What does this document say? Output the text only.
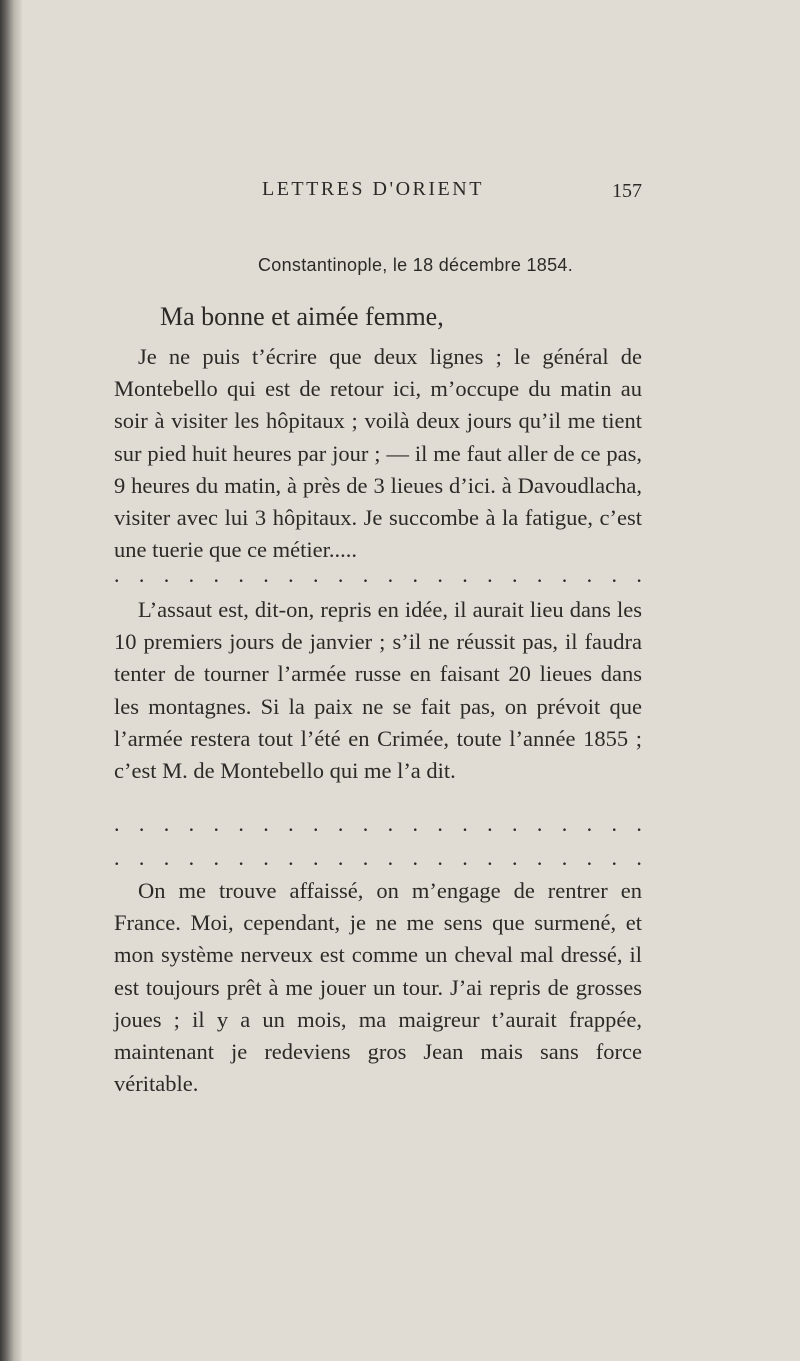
LETTRES D'ORIENT	157
Constantinople, le 18 décembre 1854.
Ma bonne et aimée femme,

Je ne puis t’écrire que deux lignes ; le général de Montebello qui est de retour ici, m’occupe du matin au soir à visiter les hôpitaux ; voilà deux jours qu’il me tient sur pied huit heures par jour ; — il me faut aller de ce pas, 9 heures du matin, à près de 3 lieues d’ici. à Davoudlacha, visiter avec lui 3 hôpitaux. Je succombe à la fatigue, c’est une tuerie que ce métier.....

. . . . . . . . . . . . . . . . . . . . . .

L’assaut est, dit-on, repris en idée, il aurait lieu dans les 10 premiers jours de janvier ; s’il ne réussit pas, il faudra tenter de tourner l’armée russe en faisant 20 lieues dans les montagnes. Si la paix ne se fait pas, on prévoit que l’armée restera tout l’été en Crimée, toute l’année 1855 ; c’est M. de Montebello qui me l’a dit.

. . . . . . . . . . . . . . . . . . . . . .
. . . . . . . . . . . . . . . . . . . . . .

On me trouve affaissé, on m’engage de rentrer en France. Moi, cependant, je ne me sens que surmené, et mon système nerveux est comme un cheval mal dressé, il est toujours prêt à me jouer un tour. J’ai repris de grosses joues ; il y a un mois, ma maigreur t’aurait frappée, maintenant je redeviens gros Jean mais sans force véritable.
